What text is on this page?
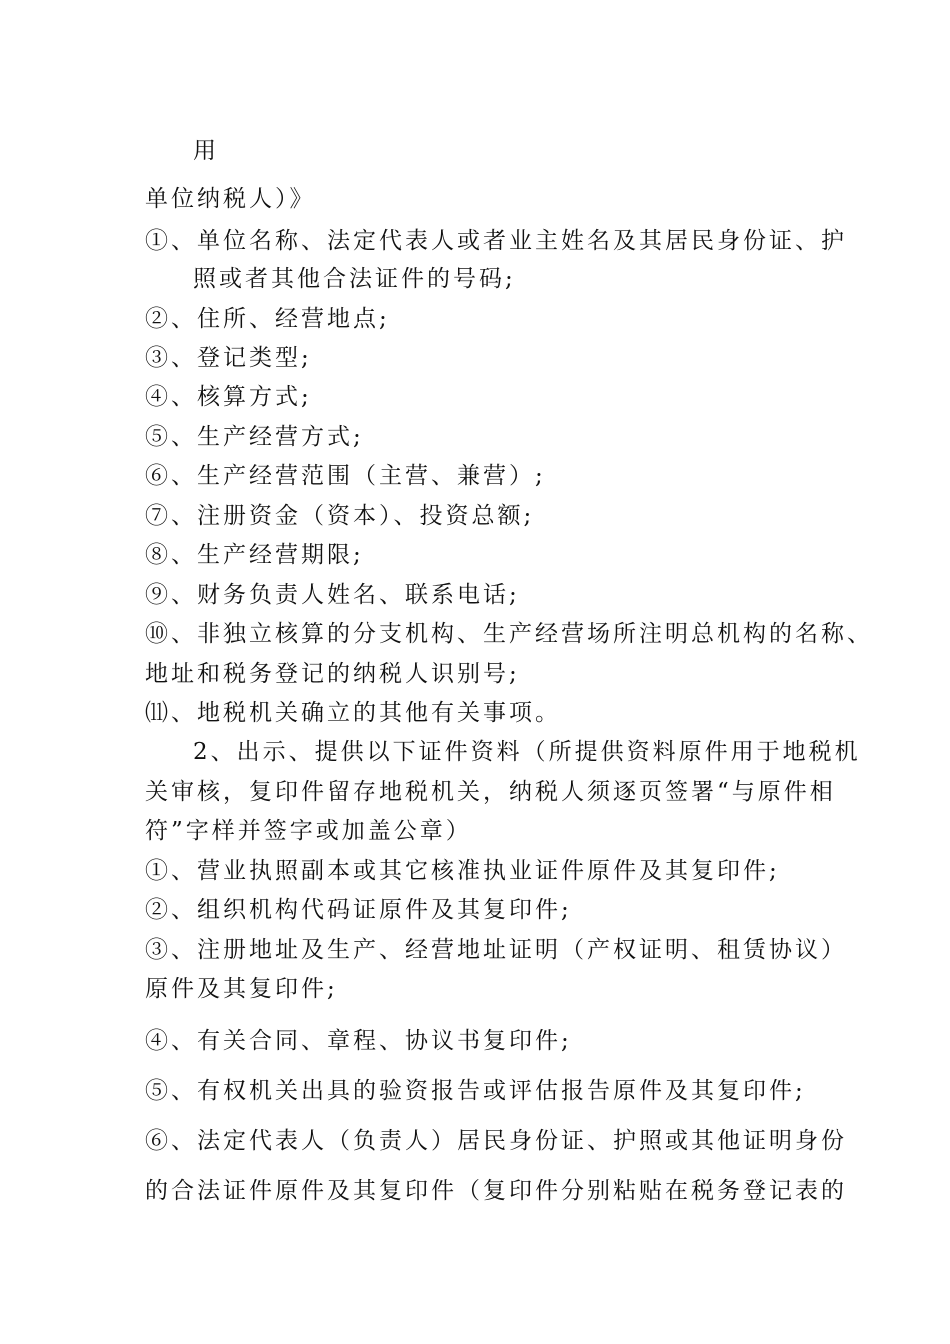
用
单位纳税人）》
①、单位名称、法定代表人或者业主姓名及其居民身份证、护
照或者其他合法证件的号码;
②、住所、经营地点;
③、登记类型;
④、核算方式;
⑤、生产经营方式;
⑥、生产经营范围（主营、兼营）;
⑦、注册资金（资本）、投资总额;
⑧、生产经营期限;
⑨、财务负责人姓名、联系电话;
⑩、非独立核算的分支机构、生产经营场所注明总机构的名称、
地址和税务登记的纳税人识别号;
⑾、地税机关确立的其他有关事项。
2、出示、提供以下证件资料（所提供资料原件用于地税机
关审核，复印件留存地税机关，纳税人须逐页签署“与原件相
符”字样并签字或加盖公章）
①、营业执照副本或其它核准执业证件原件及其复印件;
②、组织机构代码证原件及其复印件;
③、注册地址及生产、经营地址证明（产权证明、租赁协议）
原件及其复印件;
④、有关合同、章程、协议书复印件;
⑤、有权机关出具的验资报告或评估报告原件及其复印件;
⑥、法定代表人（负责人）居民身份证、护照或其他证明身份
的合法证件原件及其复印件（复印件分别粘贴在税务登记表的
